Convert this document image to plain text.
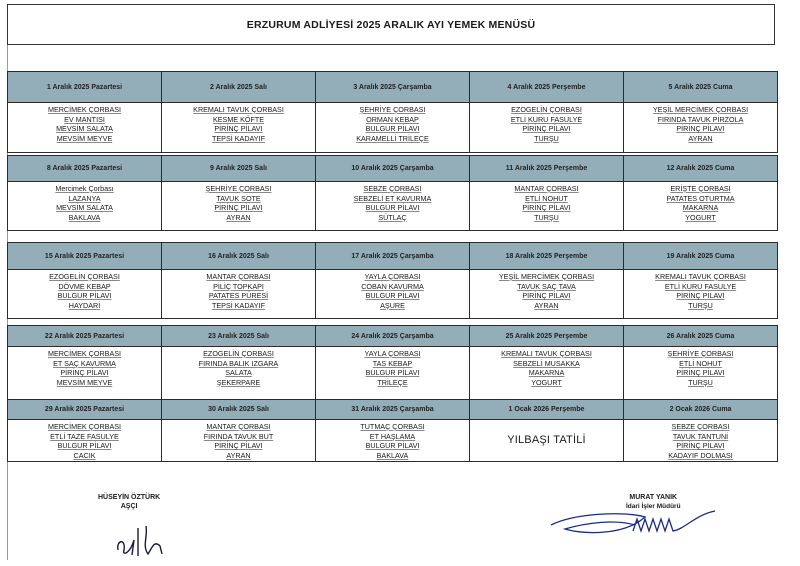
ERZURUM ADLİYESİ 2025 ARALIK AYI YEMEK MENÜSÜ
1 Aralık 2025 Pazartesi
MERCİMEK ÇORBASI
EV MANTISI
MEVSİM SALATA
MEVSİM MEYVE
2 Aralık 2025 Salı
KREMALI TAVUK ÇORBASI
KESME KÖFTE
PİRİNÇ PİLAVI
TEPSİ KADAYIF
3 Aralık 2025 Çarşamba
ŞEHRİYE ÇORBASI
ORMAN KEBAP
BULGUR PİLAVI
KARAMELLİ TRİLEÇE
4 Aralık 2025 Perşembe
EZOGELİN ÇORBASI
ETLİ KURU FASULYE
PİRİNÇ PİLAVI
TURŞU
5 Aralık 2025 Cuma
YEŞİL MERCİMEK ÇORBASI
FIRINDA TAVUK PİRZOLA
PİRİNÇ PİLAVI
AYRAN
8 Aralık 2025 Pazartesi
Mercimek Çorbası
LAZANYA
MEVSİM SALATA
BAKLAVA
9 Aralık 2025 Salı
ŞEHRİYE ÇORBASI
TAVUK SOTE
PİRİNÇ PİLAVI
AYRAN
10 Aralık 2025 Çarşamba
SEBZE ÇORBASI
SEBZELİ ET KAVURMA
BULGUR PİLAVI
SÜTLAÇ
11 Aralık 2025 Perşembe
MANTAR ÇORBASI
ETLİ NOHUT
PİRİNÇ PİLAVI
TURŞU
12 Aralık 2025 Cuma
ERİŞTE ÇORBASI
PATATES OTURTMA
MAKARNA
YOGURT
15 Aralık 2025 Pazartesi
EZOGELİN ÇORBASI
DÖVME KEBAP
BULGUR PİLAVI
HAYDARİ
16 Aralık 2025 Salı
MANTAR ÇORBASI
PİLİÇ TOPKAPI
PATATES PÜRESİ
TEPSİ KADAYIF
17 Aralık 2025 Çarşamba
YAYLA ÇORBASI
COBAN KAVURMA
BULGUR PİLAVI
AŞURE
18 Aralık 2025 Perşembe
YEŞİL MERCİMEK ÇORBASI
TAVUK SAÇ TAVA
PİRİNÇ PİLAVI
AYRAN
19 Aralık 2025 Cuma
KREMALI TAVUK ÇORBASI
ETLİ KURU FASULYE
PİRİNÇ PİLAVI
TURŞU
22 Aralık 2025 Pazartesi
MERCİMEK ÇORBASI
ET SAÇ KAVURMA
PİRİNÇ PİLAVI
MEVSİM MEYVE
23 Aralık 2025 Salı
EZOGELİN ÇORBASI
FIRINDA BALIK IZGARA
SALATA
ŞEKERPARE
24 Aralık 2025 Çarşamba
YAYLA ÇORBASI
TAS KEBAP
BULGUR PİLAVI
TRİLEÇE
25 Aralık 2025 Perşembe
KREMALI TAVUK ÇORBASI
SEBZELİ MUSAKKA
MAKARNA
YOGURT
26 Aralık 2025 Cuma
ŞEHRİYE ÇORBASI
ETLİ NOHUT
PİRİNÇ PİLAVI
TURŞU
29 Aralık 2025 Pazartesi
MERCİMEK ÇORBASI
ETLİ TAZE FASULYE
BULGUR PİLAVI
CACIK
30 Aralık 2025 Salı
MANTAR ÇORBASI
FIRINDA TAVUK BUT
PİRİNÇ PİLAVI
AYRAN
31 Aralık 2025 Çarşamba
TUTMAÇ ÇORBASI
ET HAŞLAMA
BULGUR PİLAVI
BAKLAVA
1 Ocak 2026 Perşembe
YILBAŞI TATİLİ
2 Ocak 2026 Cuma
SEBZE ÇORBASI
TAVUK TANTUNİ
PİRİNÇ PİLAVI
KADAYIF DOLMASI
HÜSEYİN ÖZTÜRK
AŞÇI
MURAT YANIK
İdari İşler Müdürü
